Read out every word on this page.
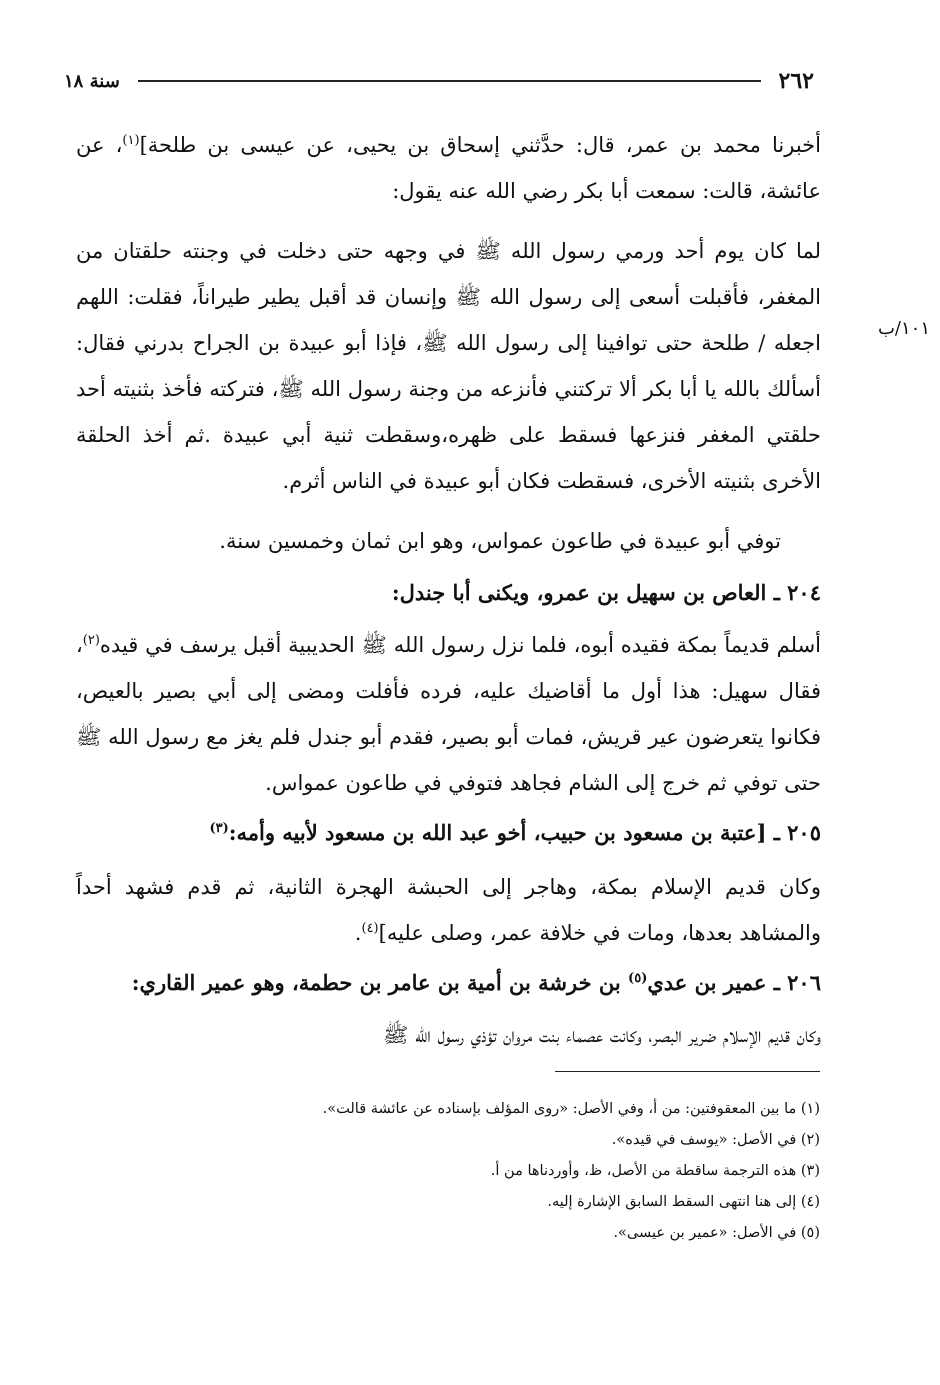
٢٦٢
سنة ١٨
١٠١/ب

أخبرنا محمد بن عمر، قال: حدَّثني إسحاق بن يحيى، عن عيسى بن طلحة]$^{(١)}$، عن عائشة، قالت: سمعت أبا بكر رضي الله عنه يقول:

لما كان يوم أحد ورمي رسول الله ﷺ في وجهه حتى دخلت في وجنته حلقتان من المغفر، فأقبلت أسعى إلى رسول الله ﷺ وإنسان قد أقبل يطير طيراناً، فقلت: اللهم اجعله / طلحة حتى توافينا إلى رسول الله ﷺ، فإذا أبو عبيدة بن الجراح بدرني فقال: أسألك بالله يا أبا بكر ألا تركتني فأنزعه من وجنة رسول الله ﷺ، فتركته فأخذ بثنيته أحد حلقتي المغفر فنزعها فسقط على ظهره،وسقطت ثنية أبي عبيدة .ثم أخذ الحلقة الأخرى بثنيته الأخرى، فسقطت فكان أبو عبيدة في الناس أثرم.

توفي أبو عبيدة في طاعون عمواس، وهو ابن ثمان وخمسين سنة.

٢٠٤ ـ العاص بن سهيل بن عمرو، ويكنى أبا جندل:

أسلم قديماً بمكة فقيده أبوه، فلما نزل رسول الله ﷺ الحديبية أقبل يرسف في قيده$^{(٢)}$، فقال سهيل: هذا أول ما أقاضيك عليه، فرده فأفلت ومضى إلى أبي بصير بالعيص، فكانوا يتعرضون عير قريش، فمات أبو بصير، فقدم أبو جندل فلم يغز مع رسول الله ﷺ حتى توفي ثم خرج إلى الشام فجاهد فتوفي في طاعون عمواس.

٢٠٥ ـ [عتبة بن مسعود بن حبيب، أخو عبد الله بن مسعود لأبيه وأمه:$^{(٣)}$

وكان قديم الإسلام بمكة، وهاجر إلى الحبشة الهجرة الثانية، ثم قدم فشهد أحداً والمشاهد بعدها، ومات في خلافة عمر، وصلى عليه]$^{(٤)}$.

٢٠٦ ـ عمير بن عدي$^{(٥)}$ بن خرشة بن أمية بن عامر بن حطمة، وهو عمير القاري:

وكان قديم الإسلام ضرير البصر، وكانت عصماء بنت مروان تؤذي رسول الله ﷺ

(١) ما بين المعقوفتين: من أ، وفي الأصل: «روى المؤلف بإسناده عن عائشة قالت».

(٢) في الأصل: «يوسف في قيده».

(٣) هذه الترجمة ساقطة من الأصل، ظ، وأوردناها من أ.

(٤) إلى هنا انتهى السقط السابق الإشارة إليه.

(٥) في الأصل: «عمير بن عيسى».
